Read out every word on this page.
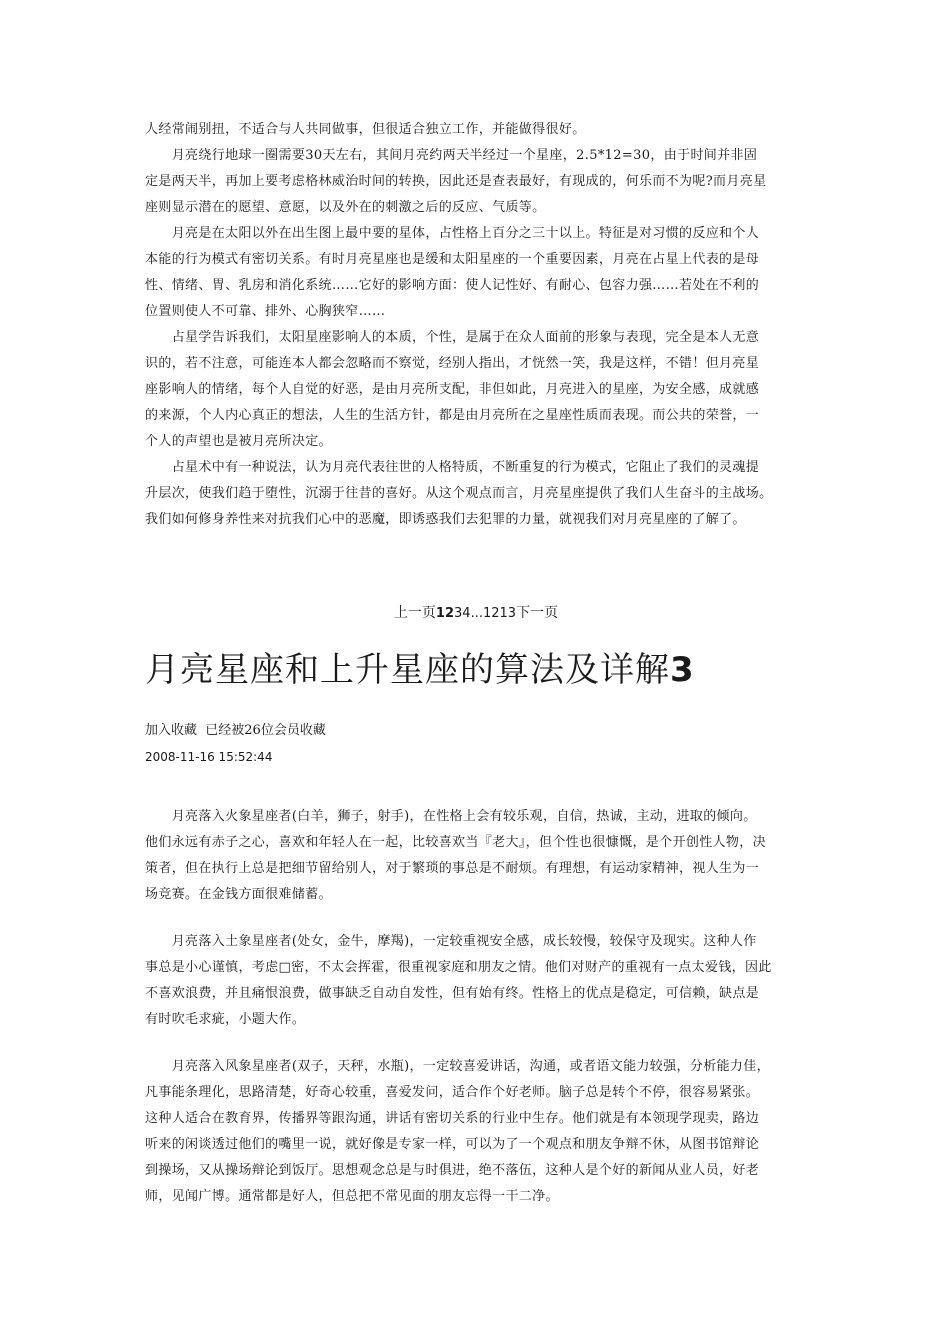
人经常闹别扭，不适合与人共同做事，但很适合独立工作，并能做得很好。
　　月亮绕行地球一圈需要30天左右，其间月亮约两天半经过一个星座，2.5*12=30，由于时间并非固
定是两天半，再加上要考虑格林威治时间的转换，因此还是查表最好，有现成的，何乐而不为呢?而月亮星
座则显示潜在的愿望、意愿，以及外在的刺激之后的反应、气质等。
　　月亮是在太阳以外在出生图上最中要的星体，占性格上百分之三十以上。特征是对习惯的反应和个人
本能的行为模式有密切关系。有时月亮星座也是缓和太阳星座的一个重要因素，月亮在占星上代表的是母
性、情绪、胃、乳房和消化系统……它好的影响方面：使人记性好、有耐心、包容力强……若处在不利的
位置则使人不可靠、排外、心胸狭窄……
　　占星学告诉我们，太阳星座影响人的本质，个性，是属于在众人面前的形象与表现，完全是本人无意
识的，若不注意，可能连本人都会忽略而不察觉，经别人指出，才恍然一笑，我是这样，不错！但月亮星
座影响人的情绪，每个人自觉的好恶，是由月亮所支配，非但如此，月亮进入的星座，为安全感，成就感
的来源，个人内心真正的想法，人生的生活方针，都是由月亮所在之星座性质而表现。而公共的荣誉，一
个人的声望也是被月亮所决定。
　　占星术中有一种说法，认为月亮代表往世的人格特质，不断重复的行为模式，它阻止了我们的灵魂提
升层次，使我们趋于堕性，沉溺于往昔的喜好。从这个观点而言，月亮星座提供了我们人生奋斗的主战场。
我们如何修身养性来对抗我们心中的恶魔，即诱惑我们去犯罪的力量，就视我们对月亮星座的了解了。
上一页1234...1213下一页
月亮星座和上升星座的算法及详解3
加入收藏 已经被26位会员收藏
2008-11-16 15:52:44
　　月亮落入火象星座者(白羊，狮子，射手)，在性格上会有较乐观，自信，热诚，主动，进取的倾向。
他们永远有赤子之心，喜欢和年轻人在一起，比较喜欢当『老大』，但个性也很慷慨，是个开创性人物，决
策者，但在执行上总是把细节留给别人，对于繁琐的事总是不耐烦。有理想，有运动家精神，视人生为一
场竞赛。在金钱方面很难储蓄。
　　月亮落入土象星座者(处女，金牛，摩羯)，一定较重视安全感，成长较慢，较保守及现实。这种人作
事总是小心谨慎，考虑□密，不太会挥霍，很重视家庭和朋友之情。他们对财产的重视有一点太爱钱，因此
不喜欢浪费，并且痛恨浪费，做事缺乏自动自发性，但有始有终。性格上的优点是稳定，可信赖，缺点是
有时吹毛求疵，小题大作。
　　月亮落入风象星座者(双子，天秤，水瓶)，一定较喜爱讲话，沟通，或者语文能力较强，分析能力佳，
凡事能条理化，思路清楚，好奇心较重，喜爱发问，适合作个好老师。脑子总是转个不停，很容易紧张。
这种人适合在教育界，传播界等跟沟通，讲话有密切关系的行业中生存。他们就是有本领现学现卖，路边
听来的闲谈透过他们的嘴里一说，就好像是专家一样，可以为了一个观点和朋友争辩不休，从图书馆辩论
到操场，又从操场辩论到饭厅。思想观念总是与时俱进，绝不落伍，这种人是个好的新闻从业人员，好老
师，见闻广博。通常都是好人，但总把不常见面的朋友忘得一干二净。
